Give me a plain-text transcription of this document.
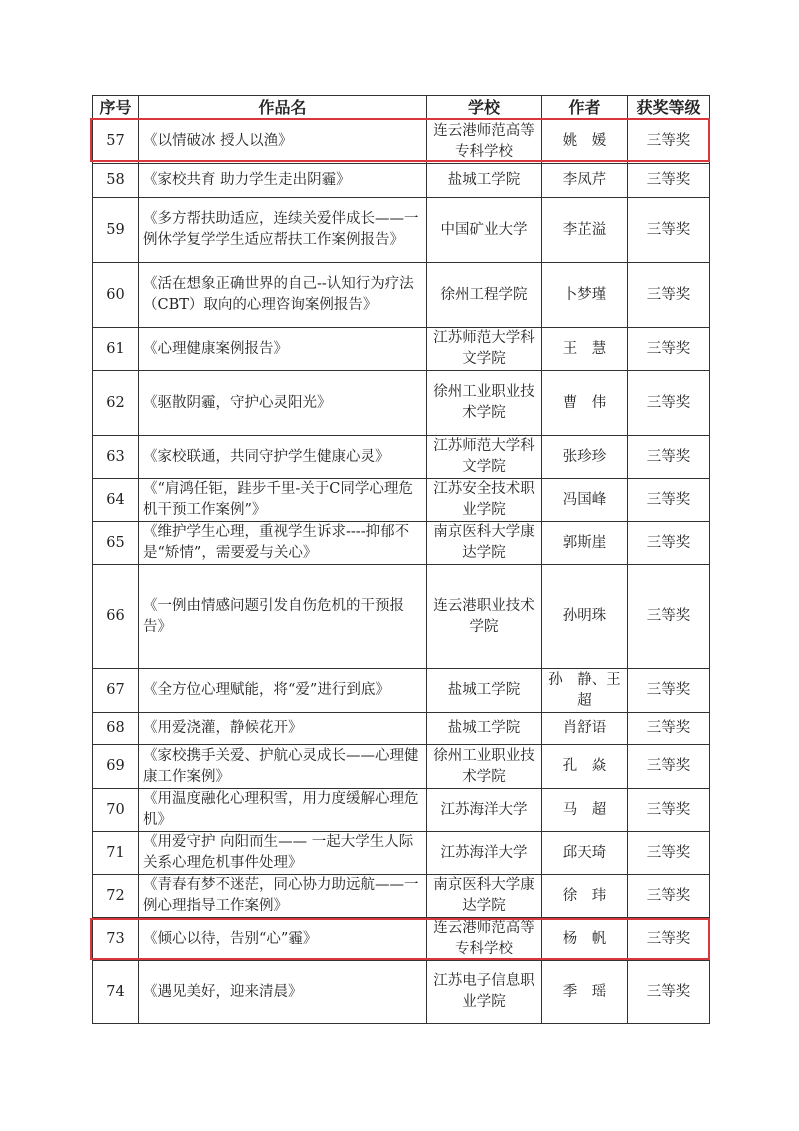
序号	作品名	学校	作者	获奖等级
57	《以情破冰 授人以渔》	连云港师范高等专科学校	姚　媛	三等奖
58	《家校共育 助力学生走出阴霾》	盐城工学院	李凤芹	三等奖
59	《多方帮扶助适应，连续关爱伴成长——一例休学复学学生适应帮扶工作案例报告》	中国矿业大学	李芷溢	三等奖
60	《活在想象正确世界的自己--认知行为疗法（CBT）取向的心理咨询案例报告》	徐州工程学院	卜梦瑾	三等奖
61	《心理健康案例报告》	江苏师范大学科文学院	王　慧	三等奖
62	《驱散阴霾，守护心灵阳光》	徐州工业职业技术学院	曹　伟	三等奖
63	《家校联通，共同守护学生健康心灵》	江苏师范大学科文学院	张珍珍	三等奖
64	《“肩鸿任钜，跬步千里-关于C同学心理危机干预工作案例”》	江苏安全技术职业学院	冯国峰	三等奖
65	《维护学生心理，重视学生诉求----抑郁不是“矫情”，需要爱与关心》	南京医科大学康达学院	郭斯崖	三等奖
66	《一例由情感问题引发自伤危机的干预报告》	连云港职业技术学院	孙明珠	三等奖
67	《全方位心理赋能，将“爱”进行到底》	盐城工学院	孙　静、王　超	三等奖
68	《用爱浇灌，静候花开》	盐城工学院	肖舒语	三等奖
69	《家校携手关爱、护航心灵成长——心理健康工作案例》	徐州工业职业技术学院	孔　焱	三等奖
70	《用温度融化心理积雪，用力度缓解心理危机》	江苏海洋大学	马　超	三等奖
71	《用爱守护 向阳而生—— 一起大学生人际关系心理危机事件处理》	江苏海洋大学	邱天琦	三等奖
72	《青春有梦不迷茫，同心协力助远航——一例心理指导工作案例》	南京医科大学康达学院	徐　玮	三等奖
73	《倾心以待，告别“心”霾》	连云港师范高等专科学校	杨　帆	三等奖
74	《遇见美好，迎来清晨》	江苏电子信息职业学院	季　瑶	三等奖
